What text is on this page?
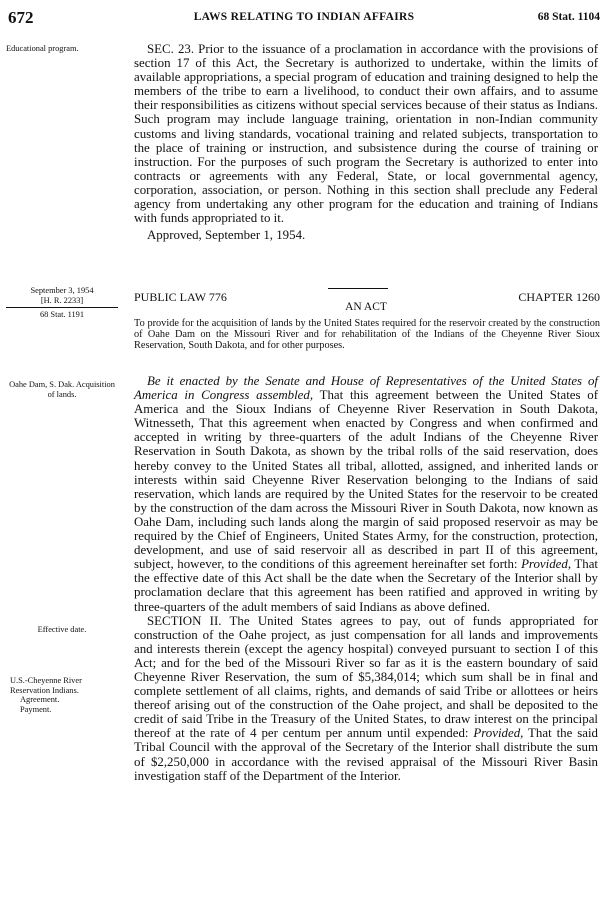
672	LAWS RELATING TO INDIAN AFFAIRS	68 Stat. 1104
Educational program.
September 3, 1954
[H. R. 2233]
68 Stat. 1191
Oahe Dam, S. Dak. Acquisition of lands.
Effective date.
U.S.-Cheyenne River
Reservation Indians.
Agreement.
Payment.

SEC. 23. Prior to the issuance of a proclamation in accordance with the provisions of section 17 of this Act, the Secretary is authorized to undertake, within the limits of available appropriations, a special program of education and training designed to help the members of the tribe to earn a livelihood, to conduct their own affairs, and to assume their responsibilities as citizens without special services because of their status as Indians. Such program may include language training, orientation in non-Indian community customs and living standards, vocational training and related subjects, transportation to the place of training or instruction, and subsistence during the course of training or instruction. For the purposes of such program the Secretary is authorized to enter into contracts or agreements with any Federal, State, or local governmental agency, corporation, association, or person. Nothing in this section shall preclude any Federal agency from undertaking any other program for the education and training of Indians with funds appropriated to it.

Approved, September 1, 1954.

PUBLIC LAW 776	CHAPTER 1260
AN ACT
To provide for the acquisition of lands by the United States required for the reservoir created by the construction of Oahe Dam on the Missouri River and for rehabilitation of the Indians of the Cheyenne River Sioux Reservation, South Dakota, and for other purposes.

Be it enacted by the Senate and House of Representatives of the United States of America in Congress assembled, That this agreement between the United States of America and the Sioux Indians of Cheyenne River Reservation in South Dakota, Witnesseth, That this agreement when enacted by Congress and when confirmed and accepted in writing by three-quarters of the adult Indians of the Cheyenne River Reservation in South Dakota, as shown by the tribal rolls of the said reservation, does hereby convey to the United States all tribal, allotted, assigned, and inherited lands or interests within said Cheyenne River Reservation belonging to the Indians of said reservation, which lands are required by the United States for the reservoir to be created by the construction of the dam across the Missouri River in South Dakota, now known as Oahe Dam, including such lands along the margin of said proposed reservoir as may be required by the Chief of Engineers, United States Army, for the construction, protection, development, and use of said reservoir all as described in part II of this agreement, subject, however, to the conditions of this agreement hereinafter set forth: Provided, That the effective date of this Act shall be the date when the Secretary of the Interior shall by proclamation declare that this agreement has been ratified and approved in writing by three-quarters of the adult members of said Indians as above defined.

SECTION II. The United States agrees to pay, out of funds appropriated for construction of the Oahe project, as just compensation for all lands and improvements and interests therein (except the agency hospital) conveyed pursuant to section I of this Act; and for the bed of the Missouri River so far as it is the eastern boundary of said Cheyenne River Reservation, the sum of $5,384,014; which sum shall be in final and complete settlement of all claims, rights, and demands of said Tribe or allottees or heirs thereof arising out of the construction of the Oahe project, and shall be deposited to the credit of said Tribe in the Treasury of the United States, to draw interest on the principal thereof at the rate of 4 per centum per annum until expended: Provided, That the said Tribal Council with the approval of the Secretary of the Interior shall distribute the sum of $2,250,000 in accordance with the revised appraisal of the Missouri River Basin investigation staff of the Department of the Interior.
